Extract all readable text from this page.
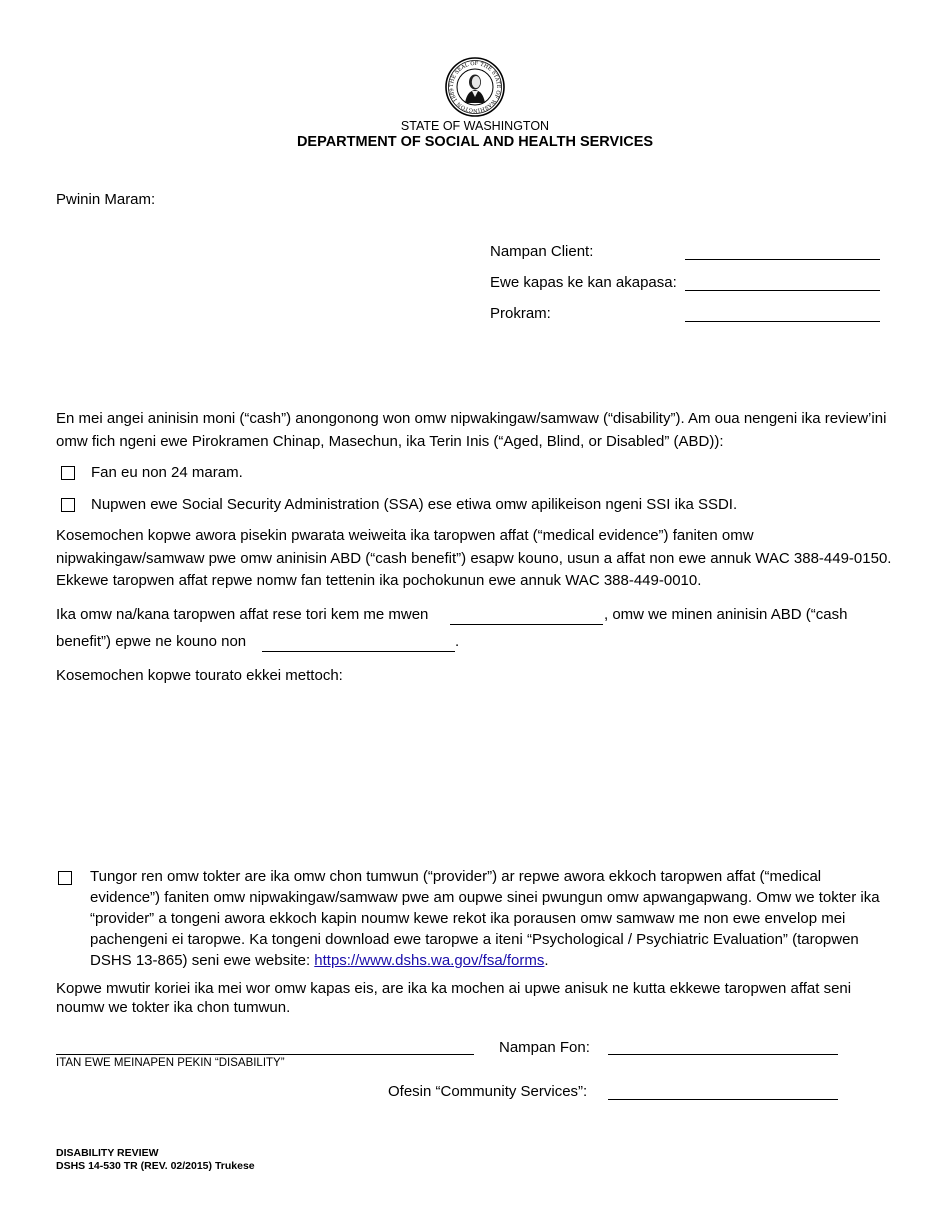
THE SEAL OF THE STATE OF WASHINGTON 1889
STATE OF WASHINGTON
DEPARTMENT OF SOCIAL AND HEALTH SERVICES
Pwinin Maram:
Nampan Client:
Ewe kapas ke kan akapasa:
Prokram:
En mei angei aninisin moni (“cash”) anongonong won omw nipwakingaw/samwaw (“disability”). Am oua nengeni ika review’ini omw fich ngeni ewe Pirokramen Chinap, Masechun, ika Terin Inis (“Aged, Blind, or Disabled” (ABD)):
Fan eu non 24 maram.
Nupwen ewe Social Security Administration (SSA) ese etiwa omw apilikeison ngeni SSI ika SSDI.
Kosemochen kopwe awora pisekin pwarata weiweita ika taropwen affat (“medical evidence”) faniten omw nipwakingaw/samwaw pwe omw aninisin ABD (“cash benefit”) esapw kouno, usun a affat non ewe annuk WAC 388-449-0150. Ekkewe taropwen affat repwe nomw fan tettenin ika pochokunun ewe annuk WAC 388-449-0010.
Ika omw na/kana taropwen affat rese tori kem me mwen	, omw we minen aninisin ABD (“cash
benefit”) epwe ne kouno non	.
Kosemochen kopwe tourato ekkei mettoch:
Tungor ren omw tokter are ika omw chon tumwun (“provider”) ar repwe awora ekkoch taropwen affat (“medical evidence”) faniten omw nipwakingaw/samwaw pwe am oupwe sinei pwungun omw apwangapwang. Omw we tokter ika “provider” a tongeni awora ekkoch kapin noumw kewe rekot ika porausen omw samwaw me non ewe envelop mei pachengeni ei taropwe. Ka tongeni download ewe taropwe a iteni “Psychological / Psychiatric Evaluation” (taropwen DSHS 13-865) seni ewe website: https://www.dshs.wa.gov/fsa/forms.
Kopwe mwutir koriei ika mei wor omw kapas eis, are ika ka mochen ai upwe anisuk ne kutta ekkewe taropwen affat seni noumw we tokter ika chon tumwun.
ITAN EWE MEINAPEN PEKIN “DISABILITY”
Nampan Fon:
Ofesin “Community Services”:
DISABILITY REVIEW
DSHS 14-530 TR (REV. 02/2015) Trukese
